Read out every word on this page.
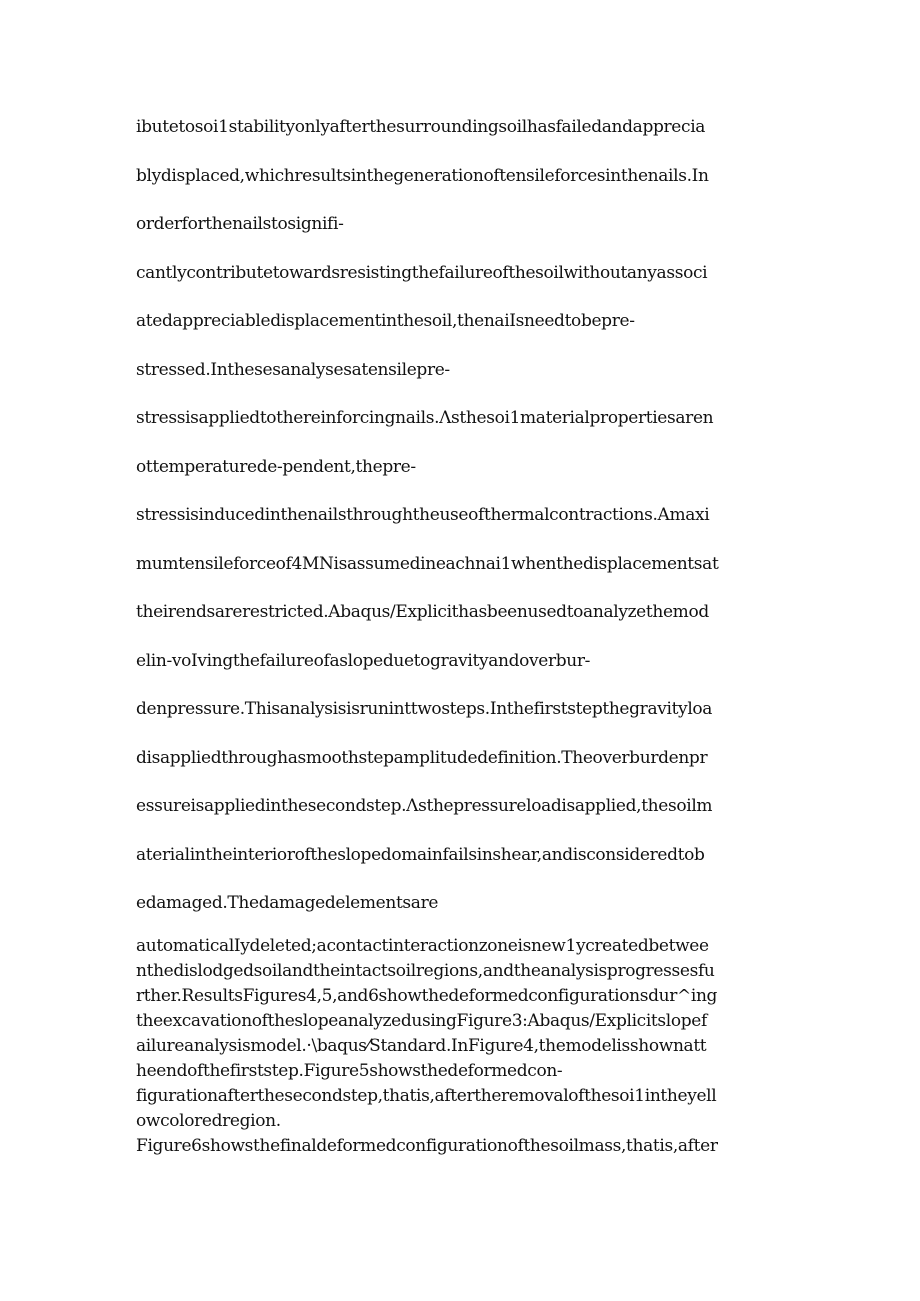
ibutetosoi1stabilityonlyafterthesurroundingsoilhasfailedandapprecia
blydisplaced,whichresultsinthegenerationoftensileforcesinthenails.In
orderforthenailstosignifi-
cantlycontributetowardsresistingthefailureofthesoilwithoutanyassoci
atedappreciabledisplacementinthesoil,thenaiIsneedtobepre-
stressed.Inthesesanalysesatensilepre-
stressisappliedtothereinforcingnails.Λsthesoi1materialpropertiesaren
ottemperaturede-pendent,thepre-
stressisinducedinthenailsthroughtheuseofthermalcontractions.Amaxi
mumtensileforceof4MNisassumedineachnai1whenthedisplacementsat
theirendsarerestricted.Abaqus/Explicithasbeenusedtoanalyzethemod
elin-voIvingthefailureofaslopeduetogravityandoverbur-
denpressure.Thisanalysisisruninttwosteps.Inthefirststepthegravityloa
disappliedthroughasmoothstepamplitudedefinition.Theoverburdenpr
essureisappliedinthesecondstep.Λsthepressureloadisapplied,thesoilm
aterialintheinterioroftheslopedomainfailsinshear,andisconsideredtob
edamaged.Thedamagedelementsare
automaticalIydeleted;acontactinteractionzoneisnew1ycreatedbetwee
nthedislodgedsoilandtheintactsoilregions,andtheanalysisprogressesfu
rther.ResultsFigures4,5,and6showthedeformedconfigurationsdur^ing
theexcavationoftheslopeanalyzedusingFigure3:Abaqus/Explicitslopef
ailureanalysismodel.·\baqus⁄Standard.InFigure4,themodelisshownatt
heendofthefirststep.Figure5showsthedeformedcon-
figurationafterthesecondstep,thatis,aftertheremovalofthesoi1intheyell
owcoloredregion.
Figure6showsthefinaldeformedconfigurationofthesoilmass,thatis,after
